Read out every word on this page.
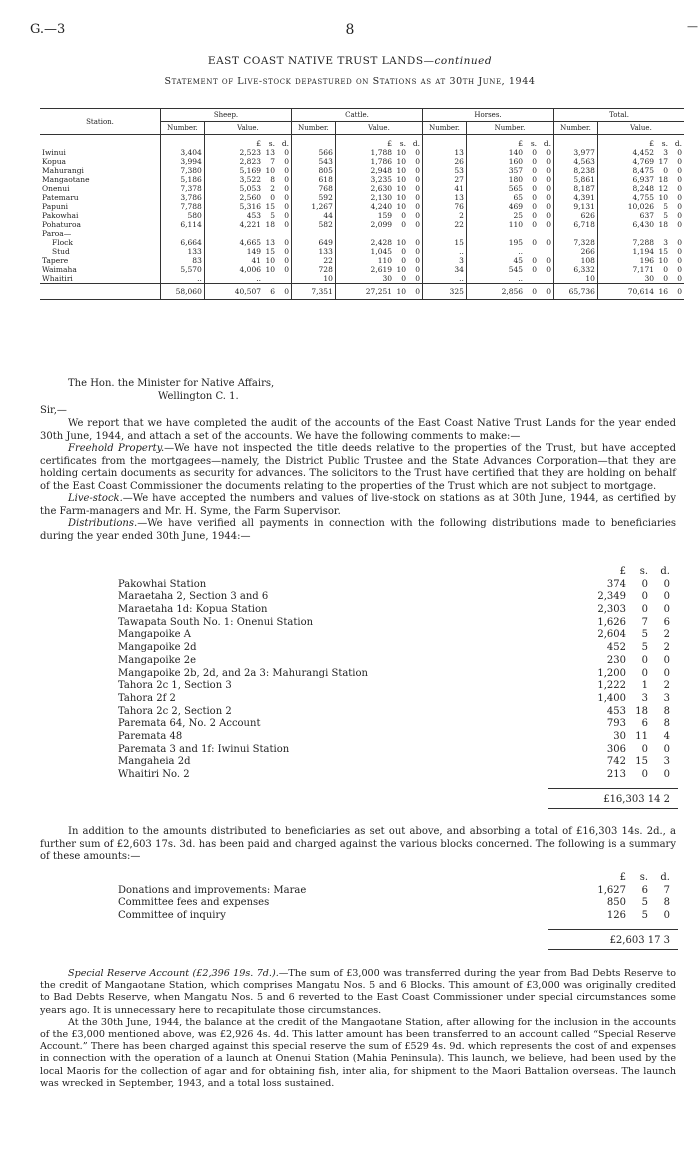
G.—3	8	—
EAST COAST NATIVE TRUST LANDS—continued
Statement of Live-stock depastured on Stations as at 30th June, 1944
Station.	Sheep.		Cattle.		Horses.		Total.	
	Number.	Value.	Number.	Value.	Number.	Number.	Number.	Value.
		£ s. d.		£ s. d.		£ s. d.		£ s. d.
Iwinui	3,404	2,523 13 0	566	1,788 10 0	13	140 0 0	3,977	4,452 3 0
Kopua	3,994	2,823 7 0	543	1,786 10 0	26	160 0 0	4,563	4,769 17 0
Mahurangi	7,380	5,169 10 0	805	2,948 10 0	53	357 0 0	8,238	8,475 0 0
Mangaotane	5,186	3,522 8 0	618	3,235 10 0	27	180 0 0	5,861	6,937 18 0
Onenui	7,378	5,053 2 0	768	2,630 10 0	41	565 0 0	8,187	8,248 12 0
Patemaru	3,786	2,560 0 0	592	2,130 10 0	13	65 0 0	4,391	4,755 10 0
Papuni	7,788	5,316 15 0	1,267	4,240 10 0	76	469 0 0	9,131	10,026 5 0
Pakowhai	580	453 5 0	44	159 0 0	2	25 0 0	626	637 5 0
Pohaturoa	6,114	4,221 18 0	582	2,099 0 0	22	110 0 0	6,718	6,430 18 0
Paroa—								
Flock	6,664	4,665 13 0	649	2,428 10 0	15	195 0 0	7,328	7,288 3 0
Stud	133	149 15 0	133	1,045 0 0	..	..	266	1,194 15 0
Tapere	83	41 10 0	22	110 0 0	3	45 0 0	108	196 10 0
Waimaha	5,570	4,006 10 0	728	2,619 10 0	34	545 0 0	6,332	7,171 0 0
Whaitiri	..	..	10	30 0 0	..	..	10	30 0 0
	58,060	40,507 6 0	7,351	27,251 10 0	325	2,856 0 0	65,736	70,614 16 0

The Hon. the Minister for Native Affairs,

Wellington C. 1.

Sir,—

We report that we have completed the audit of the accounts of the East Coast Native Trust Lands for the year ended 30th June, 1944, and attach a set of the accounts. We have the following comments to make:—

Freehold Property.—We have not inspected the title deeds relative to the properties of the Trust, but have accepted certificates from the mortgagees—namely, the District Public Trustee and the State Advances Corporation—that they are holding certain documents as security for advances. The solicitors to the Trust have certified that they are holding on behalf of the East Coast Commissioner the documents relating to the properties of the Trust which are not subject to mortgage.

Live-stock.—We have accepted the numbers and values of live-stock on stations as at 30th June, 1944, as certified by the Farm-managers and Mr. H. Syme, the Farm Supervisor.

Distributions.—We have verified all payments in connection with the following distributions made to beneficiaries during the year ended 30th June, 1944:—

£	s.	d.
Pakowhai Station	374	0	0
Maraetaha 2, Section 3 and 6	2,349	0	0
Maraetaha 1d: Kopua Station	2,303	0	0
Tawapata South No. 1: Onenui Station	1,626	7	6
Mangapoike A	2,604	5	2
Mangapoike 2d	452	5	2
Mangapoike 2e	230	0	0
Mangapoike 2b, 2d, and 2a 3: Mahurangi Station	1,200	0	0
Tahora 2c 1, Section 3	1,222	1	2
Tahora 2f 2	1,400	3	3
Tahora 2c 2, Section 2	453 18	8
Paremata 64, No. 2 Account	793	6	8
Paremata 48	30 11	4
Paremata 3 and 1f: Iwinui Station	306	0	0
Mangaheia 2d	742 15	3
Whaitiri No. 2	213	0	0
£16,303 14 2

In addition to the amounts distributed to beneficiaries as set out above, and absorbing a total of £16,303 14s. 2d., a further sum of £2,603 17s. 3d. has been paid and charged against the various blocks concerned. The following is a summary of these amounts:—

£	s.	d.
Donations and improvements: Marae	1,627	6	7
Committee fees and expenses	850	5	8
Committee of inquiry	126	5	0
£2,603 17 3

Special Reserve Account (£2,396 19s. 7d.).—The sum of £3,000 was transferred during the year from Bad Debts Reserve to the credit of Mangaotane Station, which comprises Mangatu Nos. 5 and 6 Blocks. This amount of £3,000 was originally credited to Bad Debts Reserve, when Mangatu Nos. 5 and 6 reverted to the East Coast Commissioner under special circumstances some years ago. It is unnecessary here to recapitulate those circumstances.

At the 30th June, 1944, the balance at the credit of the Mangaotane Station, after allowing for the inclusion in the accounts of the £3,000 mentioned above, was £2,926 4s. 4d. This latter amount has been transferred to an account called “Special Reserve Account.” There has been charged against this special reserve the sum of £529 4s. 9d. which represents the cost of and expenses in connection with the operation of a launch at Onenui Station (Mahia Peninsula). This launch, we believe, had been used by the local Maoris for the collection of agar and for obtaining fish, inter alia, for shipment to the Maori Battalion overseas. The launch was wrecked in September, 1943, and a total loss sustained.
